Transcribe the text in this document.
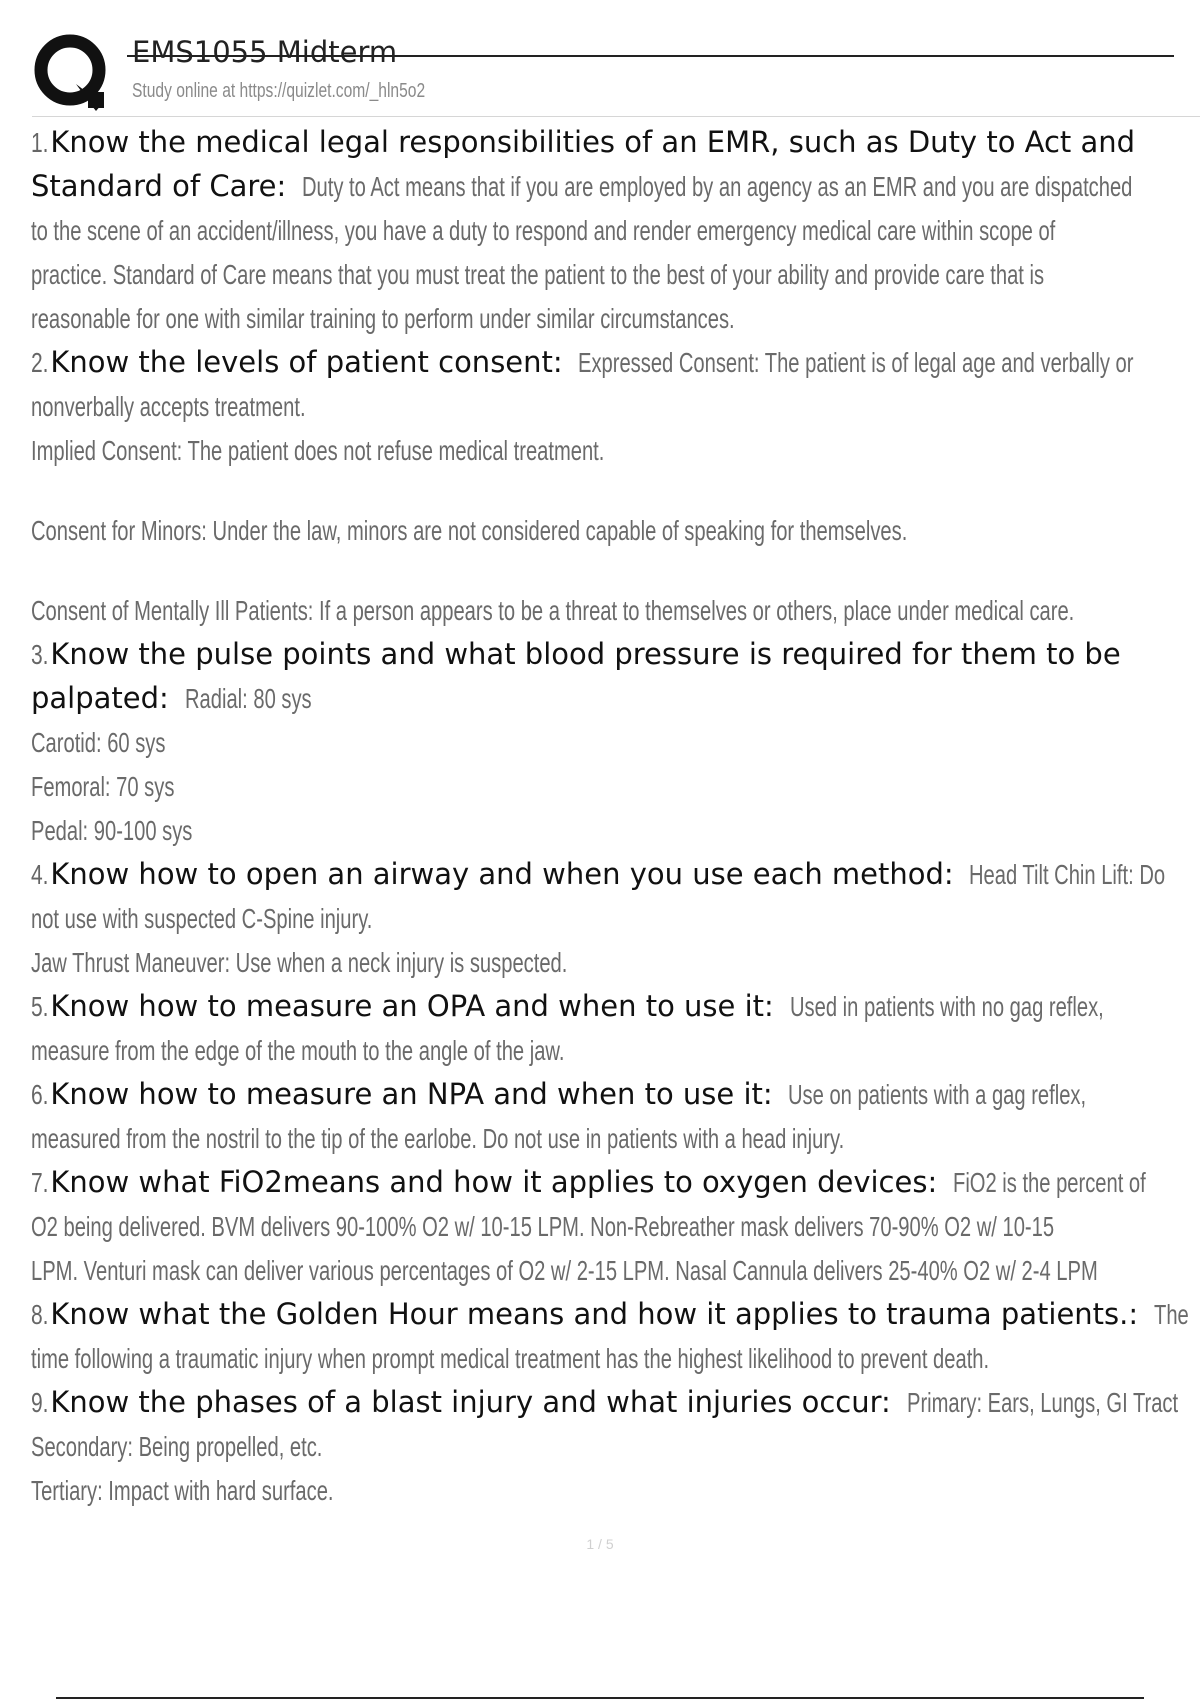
EMS1055 Midterm
Study online at https://quizlet.com/_hln5o2
1.Know the medical legal responsibilities of an EMR, such as Duty to Act and
Standard of Care: Duty to Act means that if you are employed by an agency as an EMR and you are dispatched
to the scene of an accident/illness, you have a duty to respond and render emergency medical care within scope of
practice. Standard of Care means that you must treat the patient to the best of your ability and provide care that is
reasonable for one with similar training to perform under similar circumstances.
2.Know the levels of patient consent: Expressed Consent: The patient is of legal age and verbally or
nonverbally accepts treatment.
Implied Consent: The patient does not refuse medical treatment.
Consent for Minors: Under the law, minors are not considered capable of speaking for themselves.
Consent of Mentally Ill Patients: If a person appears to be a threat to themselves or others, place under medical care.
3.Know the pulse points and what blood pressure is required for them to be
palpated: Radial: 80 sys
Carotid: 60 sys
Femoral: 70 sys
Pedal: 90-100 sys
4.Know how to open an airway and when you use each method: Head Tilt Chin Lift: Do
not use with suspected C-Spine injury.
Jaw Thrust Maneuver: Use when a neck injury is suspected.
5.Know how to measure an OPA and when to use it: Used in patients with no gag reflex,
measure from the edge of the mouth to the angle of the jaw.
6.Know how to measure an NPA and when to use it: Use on patients with a gag reflex,
measured from the nostril to the tip of the earlobe. Do not use in patients with a head injury.
7.Know what FiO2means and how it applies to oxygen devices: FiO2 is the percent of
O2 being delivered. BVM delivers 90-100% O2 w/ 10-15 LPM. Non-Rebreather mask delivers 70-90% O2 w/ 10-15
LPM. Venturi mask can deliver various percentages of O2 w/ 2-15 LPM. Nasal Cannula delivers 25-40% O2 w/ 2-4 LPM
8.Know what the Golden Hour means and how it applies to trauma patients.: The
time following a traumatic injury when prompt medical treatment has the highest likelihood to prevent death.
9.Know the phases of a blast injury and what injuries occur: Primary: Ears, Lungs, GI Tract
Secondary: Being propelled, etc.
Tertiary: Impact with hard surface.
1 / 5
